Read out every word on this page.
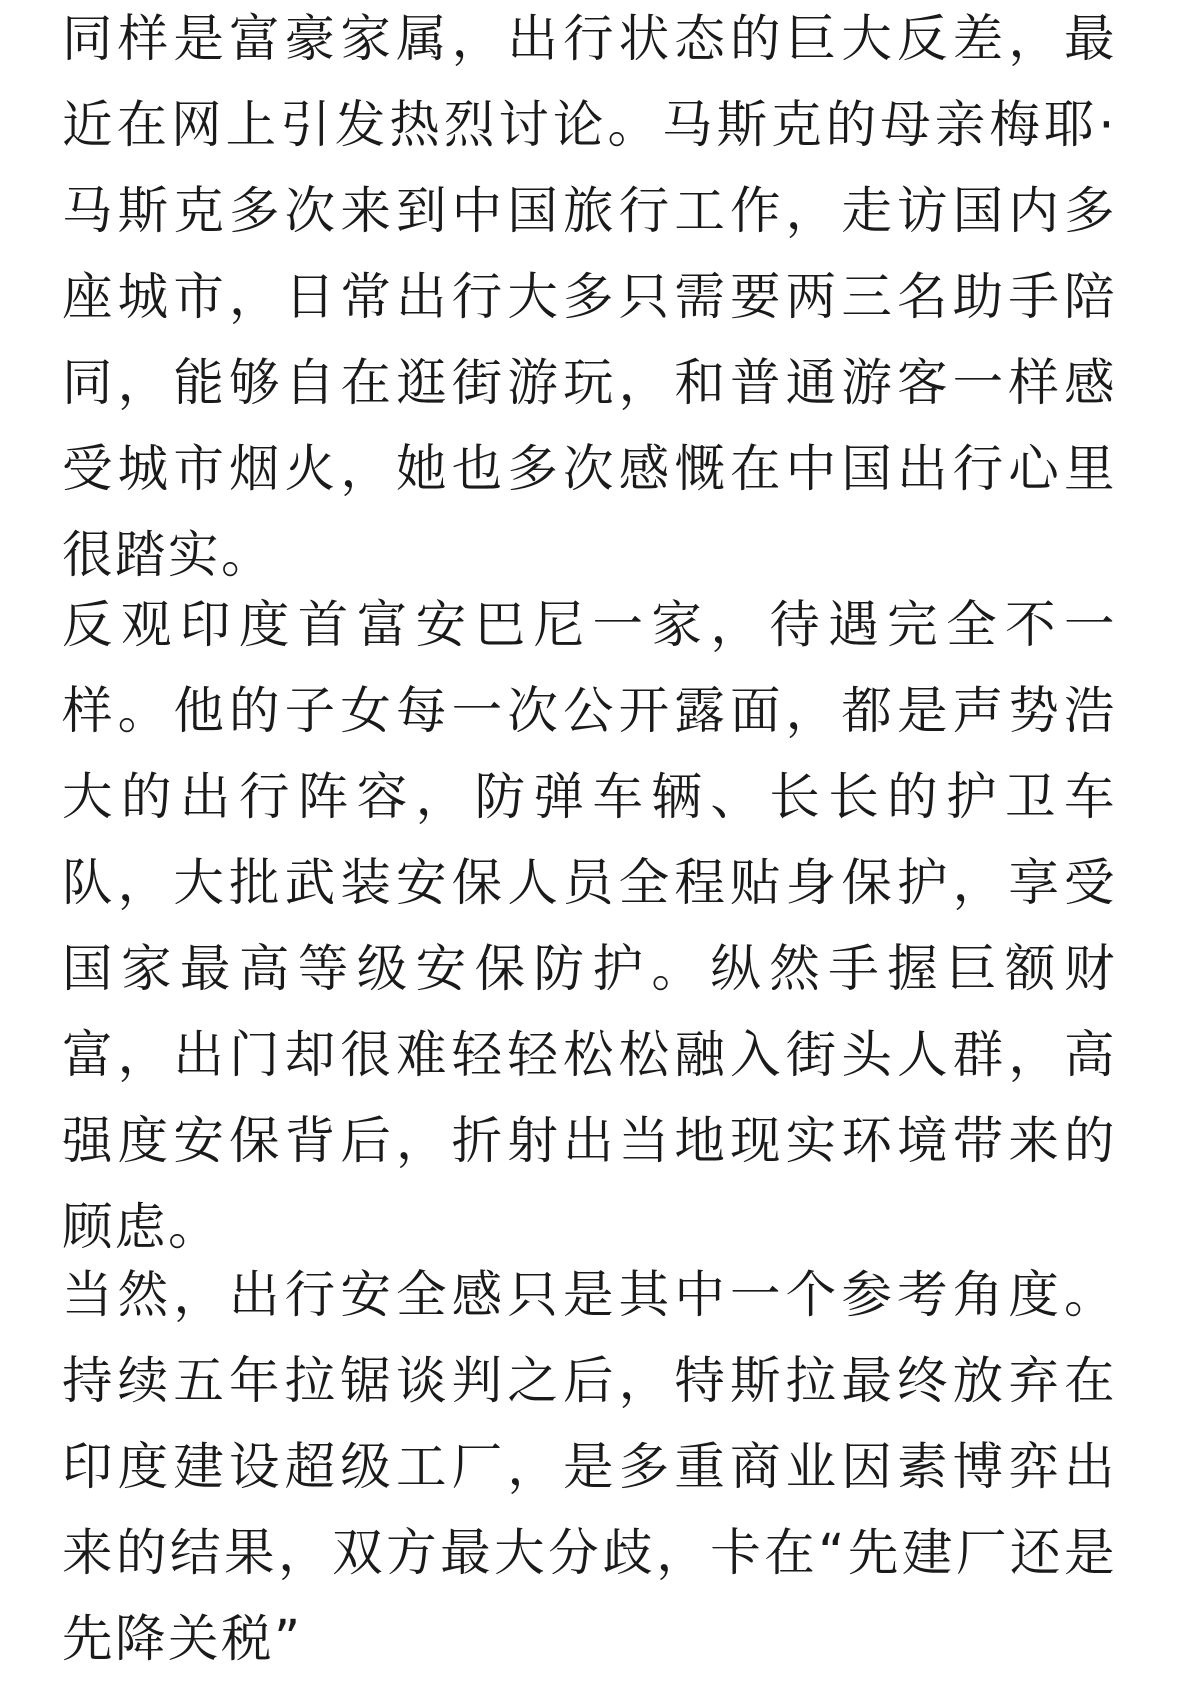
同样是富豪家属，出行状态的巨大反差，最近在网上引发热烈讨论。马斯克的母亲梅耶·马斯克多次来到中国旅行工作，走访国内多座城市，日常出行大多只需要两三名助手陪同，能够自在逛街游玩，和普通游客一样感受城市烟火，她也多次感慨在中国出行心里很踏实。

反观印度首富安巴尼一家，待遇完全不一样。他的子女每一次公开露面，都是声势浩大的出行阵容，防弹车辆、长长的护卫车队，大批武装安保人员全程贴身保护，享受国家最高等级安保防护。纵然手握巨额财富，出门却很难轻轻松松融入街头人群，高强度安保背后，折射出当地现实环境带来的顾虑。

当然，出行安全感只是其中一个参考角度。持续五年拉锯谈判之后，特斯拉最终放弃在印度建设超级工厂，是多重商业因素博弈出来的结果，双方最大分歧，卡在“先建厂还是先降关税”
